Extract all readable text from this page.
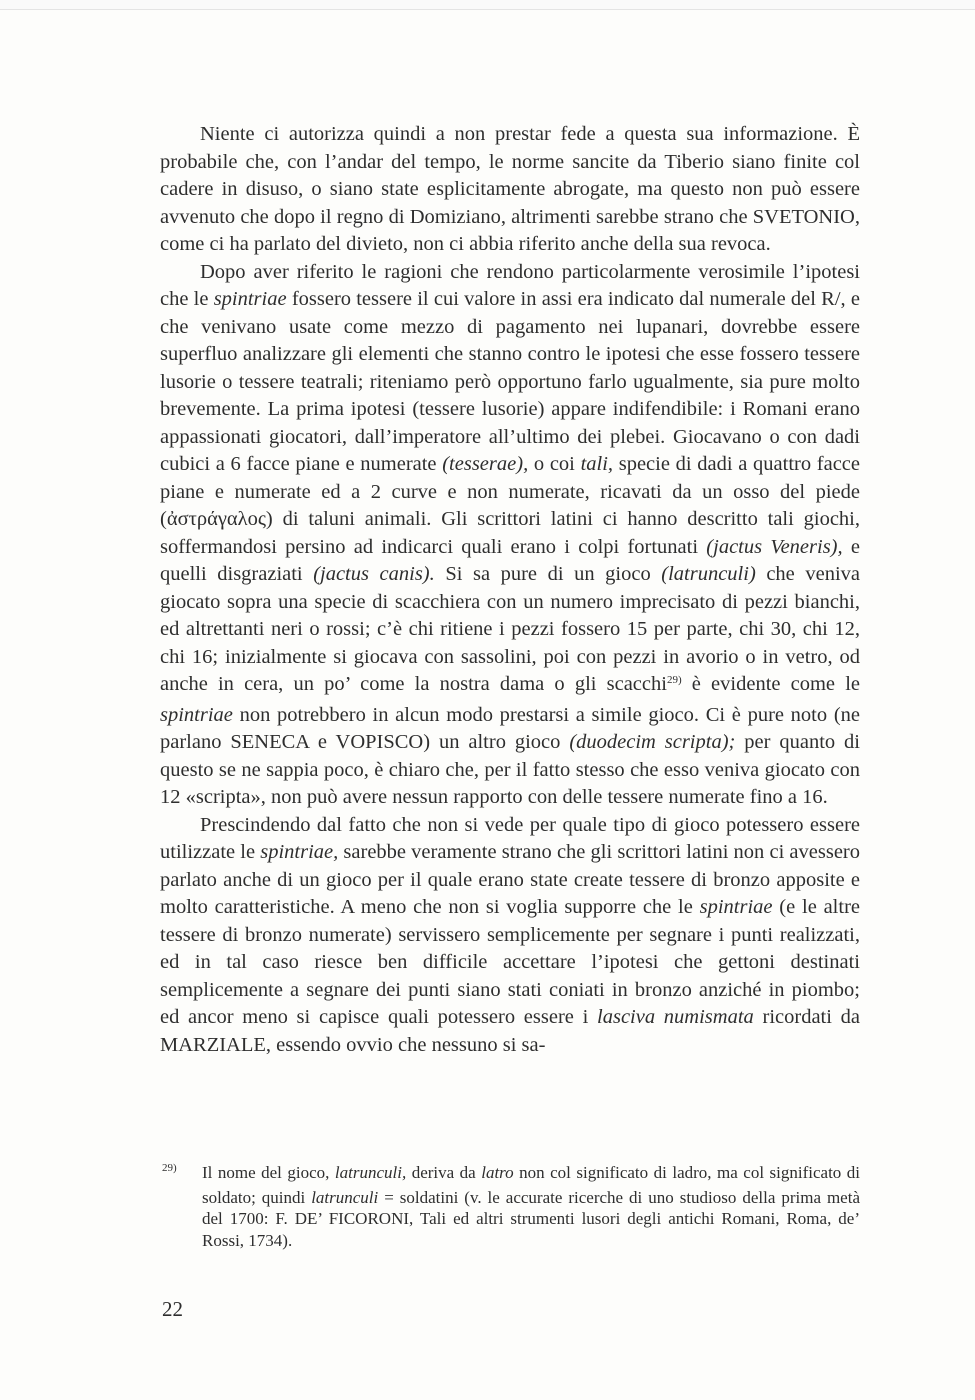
Niente ci autorizza quindi a non prestar fede a questa sua informazione. È probabile che, con l’andar del tempo, le norme sancite da Tiberio siano finite col cadere in disuso, o siano state esplicitamente abrogate, ma questo non può essere avvenuto che dopo il regno di Domiziano, altrimenti sarebbe strano che SVETONIO, come ci ha parlato del divieto, non ci abbia riferito anche della sua revoca.

Dopo aver riferito le ragioni che rendono particolarmente verosimile l’ipotesi che le spintriae fossero tessere il cui valore in assi era indicato dal numerale del R/, e che venivano usate come mezzo di pagamento nei lupanari, dovrebbe essere superfluo analizzare gli elementi che stanno contro le ipotesi che esse fossero tessere lusorie o tessere teatrali; riteniamo però opportuno farlo ugualmente, sia pure molto brevemente. La prima ipotesi (tessere lusorie) appare indifendibile: i Romani erano appassionati giocatori, dall’imperatore all’ultimo dei plebei. Giocavano o con dadi cubici a 6 facce piane e numerate (tesserae), o coi tali, specie di dadi a quattro facce piane e numerate ed a 2 curve e non numerate, ricavati da un osso del piede (ἀστράγαλος) di taluni animali. Gli scrittori latini ci hanno descritto tali giochi, soffermandosi persino ad indicarci quali erano i colpi fortunati (jactus Veneris), e quelli disgraziati (jactus canis). Si sa pure di un gioco (latrunculi) che veniva giocato sopra una specie di scacchiera con un numero imprecisato di pezzi bianchi, ed altrettanti neri o rossi; c’è chi ritiene i pezzi fossero 15 per parte, chi 30, chi 12, chi 16; inizialmente si giocava con sassolini, poi con pezzi in avorio o in vetro, od anche in cera, un po’ come la nostra dama o gli scacchi$^{29)}$ è evidente come le spintriae non potrebbero in alcun modo prestarsi a simile gioco. Ci è pure noto (ne parlano SENECA e VOPISCO) un altro gioco (duodecim scripta); per quanto di questo se ne sappia poco, è chiaro che, per il fatto stesso che esso veniva giocato con 12 «scripta», non può avere nessun rapporto con delle tessere numerate fino a 16.

Prescindendo dal fatto che non si vede per quale tipo di gioco potessero essere utilizzate le spintriae, sarebbe veramente strano che gli scrittori latini non ci avessero parlato anche di un gioco per il quale erano state create tessere di bronzo apposite e molto caratteristiche. A meno che non si voglia supporre che le spintriae (e le altre tessere di bronzo numerate) servissero semplicemente per segnare i punti realizzati, ed in tal caso riesce ben difficile accettare l’ipotesi che gettoni destinati semplicemente a segnare dei punti siano stati coniati in bronzo anziché in piombo; ed ancor meno si capisce quali potessero essere i lasciva numismata ricordati da MARZIALE, essendo ovvio che nessuno si sa-

$^{29)}$ Il nome del gioco, latrunculi, deriva da latro non col significato di ladro, ma col significato di soldato; quindi latrunculi = soldatini (v. le accurate ricerche di uno studioso della prima metà del 1700: F. DE’ FICORONI, Tali ed altri strumenti lusori degli antichi Romani, Roma, de’ Rossi, 1734).

22
